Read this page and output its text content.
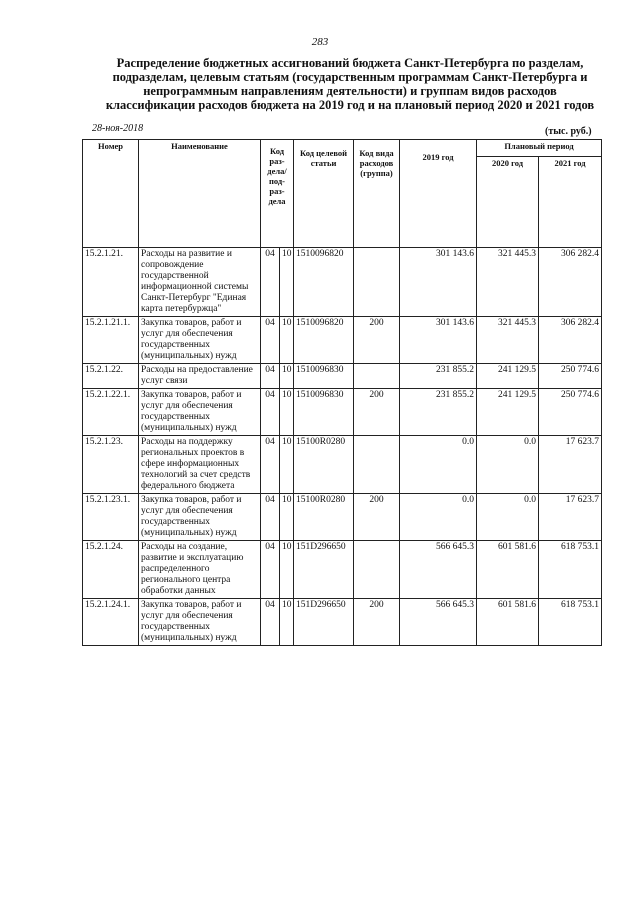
283
Распределение бюджетных ассигнований бюджета Санкт-Петербурга по разделам, подразделам, целевым статьям (государственным программам Санкт-Петербурга и непрограммным направлениям деятельности) и группам видов расходов классификации расходов бюджета на 2019 год и на плановый период 2020 и 2021 годов
28-ноя-2018	(тыс. руб.)
Номер	Наименование	Код раз-дела/ под-раз-дела		Код целевой статьи	Код вида расходов (группа)	2019 год	Плановый период	
							2020 год	2021 год
15.2.1.21.	Расходы на развитие и сопровождение государственной информационной системы Санкт-Петербург "Единая карта петербуржца"	04	10	1510096820		301 143.6	321 445.3	306 282.4
15.2.1.21.1.	Закупка товаров, работ и услуг для обеспечения государственных (муниципальных) нужд	04	10	1510096820	200	301 143.6	321 445.3	306 282.4
15.2.1.22.	Расходы на предоставление услуг связи	04	10	1510096830		231 855.2	241 129.5	250 774.6
15.2.1.22.1.	Закупка товаров, работ и услуг для обеспечения государственных (муниципальных) нужд	04	10	1510096830	200	231 855.2	241 129.5	250 774.6
15.2.1.23.	Расходы на поддержку региональных проектов в сфере информационных технологий за счет средств федерального бюджета	04	10	15100R0280		0.0	0.0	17 623.7
15.2.1.23.1.	Закупка товаров, работ и услуг для обеспечения государственных (муниципальных) нужд	04	10	15100R0280	200	0.0	0.0	17 623.7
15.2.1.24.	Расходы на создание, развитие и эксплуатацию распределенного регионального центра обработки данных	04	10	151D296650		566 645.3	601 581.6	618 753.1
15.2.1.24.1.	Закупка товаров, работ и услуг для обеспечения государственных (муниципальных) нужд	04	10	151D296650	200	566 645.3	601 581.6	618 753.1
